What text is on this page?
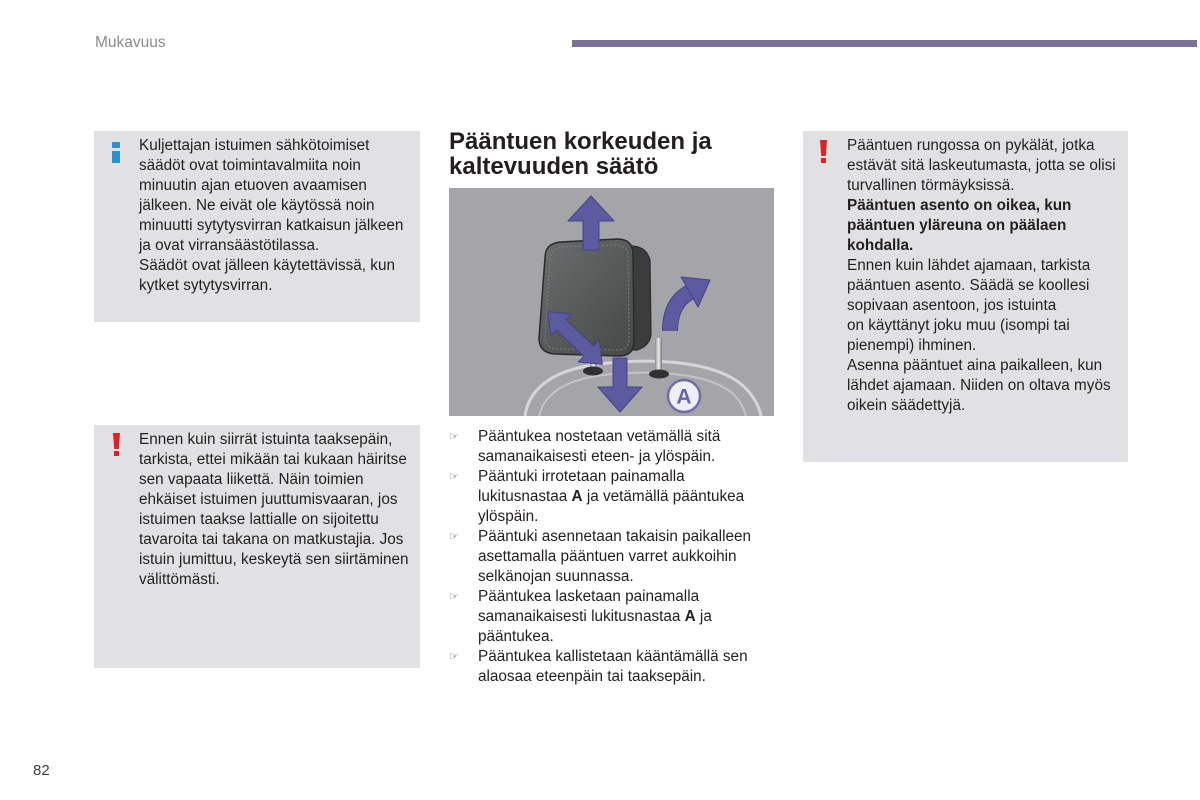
Mukavuus
Kuljettajan istuimen sähkötoimiset
säädöt ovat toimintavalmiita noin
minuutin ajan etuoven avaamisen
jälkeen. Ne eivät ole käytössä noin
minuutti sytytysvirran katkaisun jälkeen
ja ovat virransäästötilassa.
Säädöt ovat jälleen käytettävissä, kun
kytket sytytysvirran.
Ennen kuin siirrät istuinta taaksepäin,
tarkista, ettei mikään tai kukaan häiritse
sen vapaata liikettä. Näin toimien
ehkäiset istuimen juuttumisvaaran, jos
istuimen taakse lattialle on sijoitettu
tavaroita tai takana on matkustajia. Jos
istuin jumittuu, keskeytä sen siirtäminen
välittömästi.

Pääntuen rungossa on pykälät, jotka
estävät sitä laskeutumasta, jotta se olisi
turvallinen törmäyksissä.

Pääntuen asento on oikea, kun
pääntuen yläreuna on päälaen
kohdalla.

Ennen kuin lähdet ajamaan, tarkista
pääntuen asento. Säädä se koollesi
sopivaan asentoon, jos istuinta
on käyttänyt joku muu (isompi tai
pienempi) ihminen.

Asenna pääntuet aina paikalleen, kun
lähdet ajamaan. Niiden on oltava myös
oikein säädettyjä.

Pääntuen korkeuden ja
kaltevuuden säätö
A
☞
Pääntukea nostetaan vetämällä sitä
samanaikaisesti eteen- ja ylöspäin.
☞
Pääntuki irrotetaan painamalla
lukitusnastaa A ja vetämällä pääntukea
ylöspäin.
☞
Pääntuki asennetaan takaisin paikalleen
asettamalla pääntuen varret aukkoihin
selkänojan suunnassa.
☞
Pääntukea lasketaan painamalla
samanaikaisesti lukitusnastaa A ja
pääntukea.
☞
Pääntukea kallistetaan kääntämällä sen
alaosaa eteenpäin tai taaksepäin.
82
